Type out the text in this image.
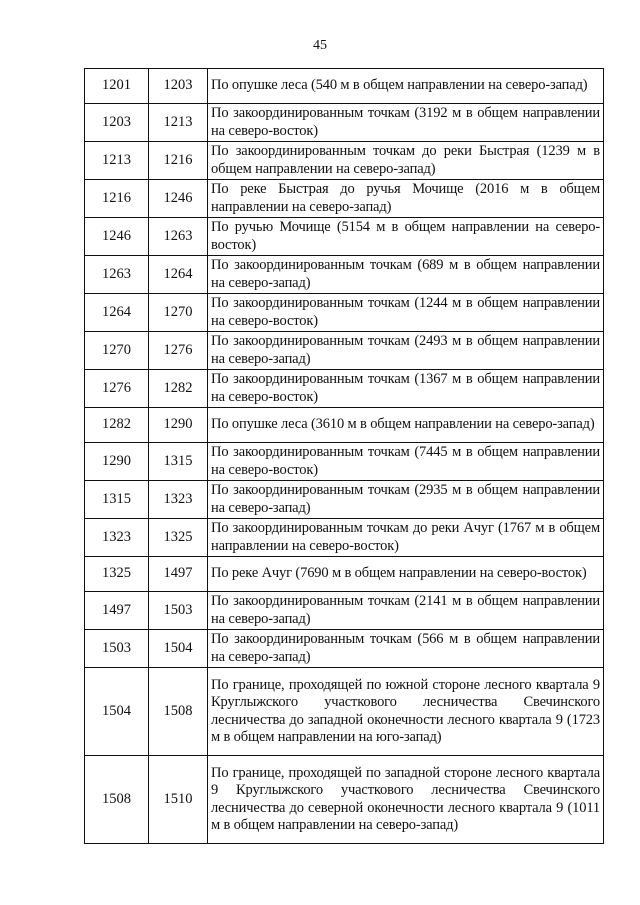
45
1201	1203	По опушке леса (540 м в общем направлении на северо-запад)
1203	1213	По закоординированным точкам (3192 м в общем направлении на северо-восток)
1213	1216	По закоординированным точкам до реки Быстрая (1239 м в общем направлении на северо-запад)
1216	1246	По реке Быстрая до ручья Мочище (2016 м в общем направлении на северо-запад)
1246	1263	По ручью Мочище (5154 м в общем направлении на северо-восток)
1263	1264	По закоординированным точкам (689 м в общем направлении на северо-запад)
1264	1270	По закоординированным точкам (1244 м в общем направлении на северо-восток)
1270	1276	По закоординированным точкам (2493 м в общем направлении на северо-запад)
1276	1282	По закоординированным точкам (1367 м в общем направлении на северо-восток)
1282	1290	По опушке леса (3610 м в общем направлении на северо-запад)
1290	1315	По закоординированным точкам (7445 м в общем направлении на северо-восток)
1315	1323	По закоординированным точкам (2935 м в общем направлении на северо-запад)
1323	1325	По закоординированным точкам до реки Ачуг (1767 м в общем направлении на северо-восток)
1325	1497	По реке Ачуг (7690 м в общем направлении на северо-восток)
1497	1503	По закоординированным точкам (2141 м в общем направлении на северо-запад)
1503	1504	По закоординированным точкам (566 м в общем направлении на северо-запад)
1504	1508	По границе, проходящей по южной стороне лесного квартала 9 Круглыжского участкового лесничества Свечинского лесничества до западной оконечности лесного квартала 9 (1723 м в общем направлении на юго-запад)
1508	1510	По границе, проходящей по западной стороне лесного квартала 9 Круглыжского участкового лесничества Свечинского лесничества до северной оконечности лесного квартала 9 (1011 м в общем направлении на северо-запад)
